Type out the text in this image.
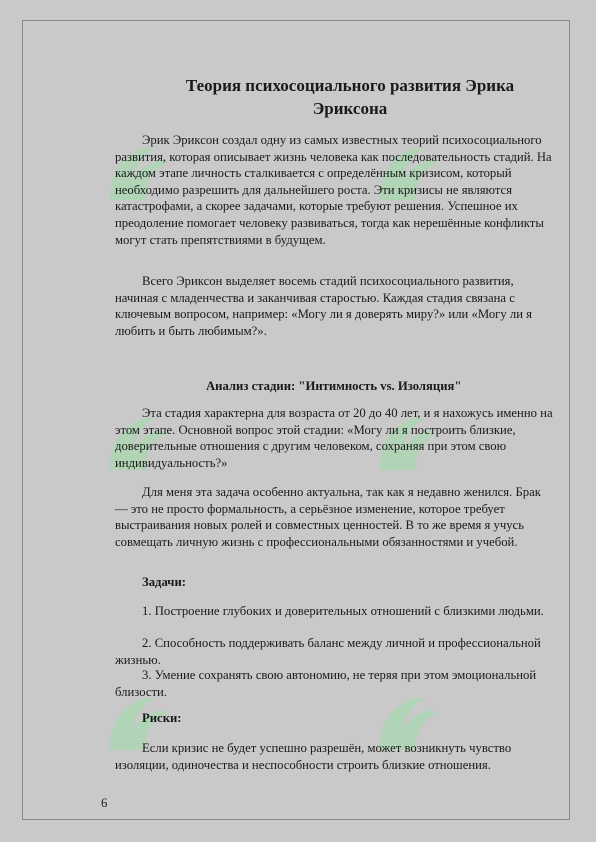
Теория психосоциального развития Эрика
Эриксона

Эрик Эриксон создал одну из самых известных теорий психосоциального развития, которая описывает жизнь человека как последовательность стадий. На каждом этапе личность сталкивается с определённым кризисом, который необходимо разрешить для дальнейшего роста. Эти кризисы не являются катастрофами, а скорее задачами, которые требуют решения. Успешное их преодоление помогает человеку развиваться, тогда как нерешённые конфликты могут стать препятствиями в будущем.

Всего Эриксон выделяет восемь стадий психосоциального развития, начиная с младенчества и заканчивая старостью. Каждая стадия связана с ключевым вопросом, например: «Могу ли я доверять миру?» или «Могу ли я любить и быть любимым?».

Анализ стадии: "Интимность vs. Изоляция"

Эта стадия характерна для возраста от 20 до 40 лет, и я нахожусь именно на этом этапе. Основной вопрос этой стадии: «Могу ли я построить близкие, доверительные отношения с другим человеком, сохраняя при этом свою индивидуальность?»

Для меня эта задача особенно актуальна, так как я недавно женился. Брак — это не просто формальность, а серьёзное изменение, которое требует выстраивания новых ролей и совместных ценностей. В то же время я учусь совмещать личную жизнь с профессиональными обязанностями и учебой.

Задачи:

1. Построение глубоких и доверительных отношений с близкими людьми.

2. Способность поддерживать баланс между личной и профессиональной жизнью.

3. Умение сохранять свою автономию, не теряя при этом эмоциональной близости.

Риски:

Если кризис не будет успешно разрешён, может возникнуть чувство изоляции, одиночества и неспособности строить близкие отношения.

6
